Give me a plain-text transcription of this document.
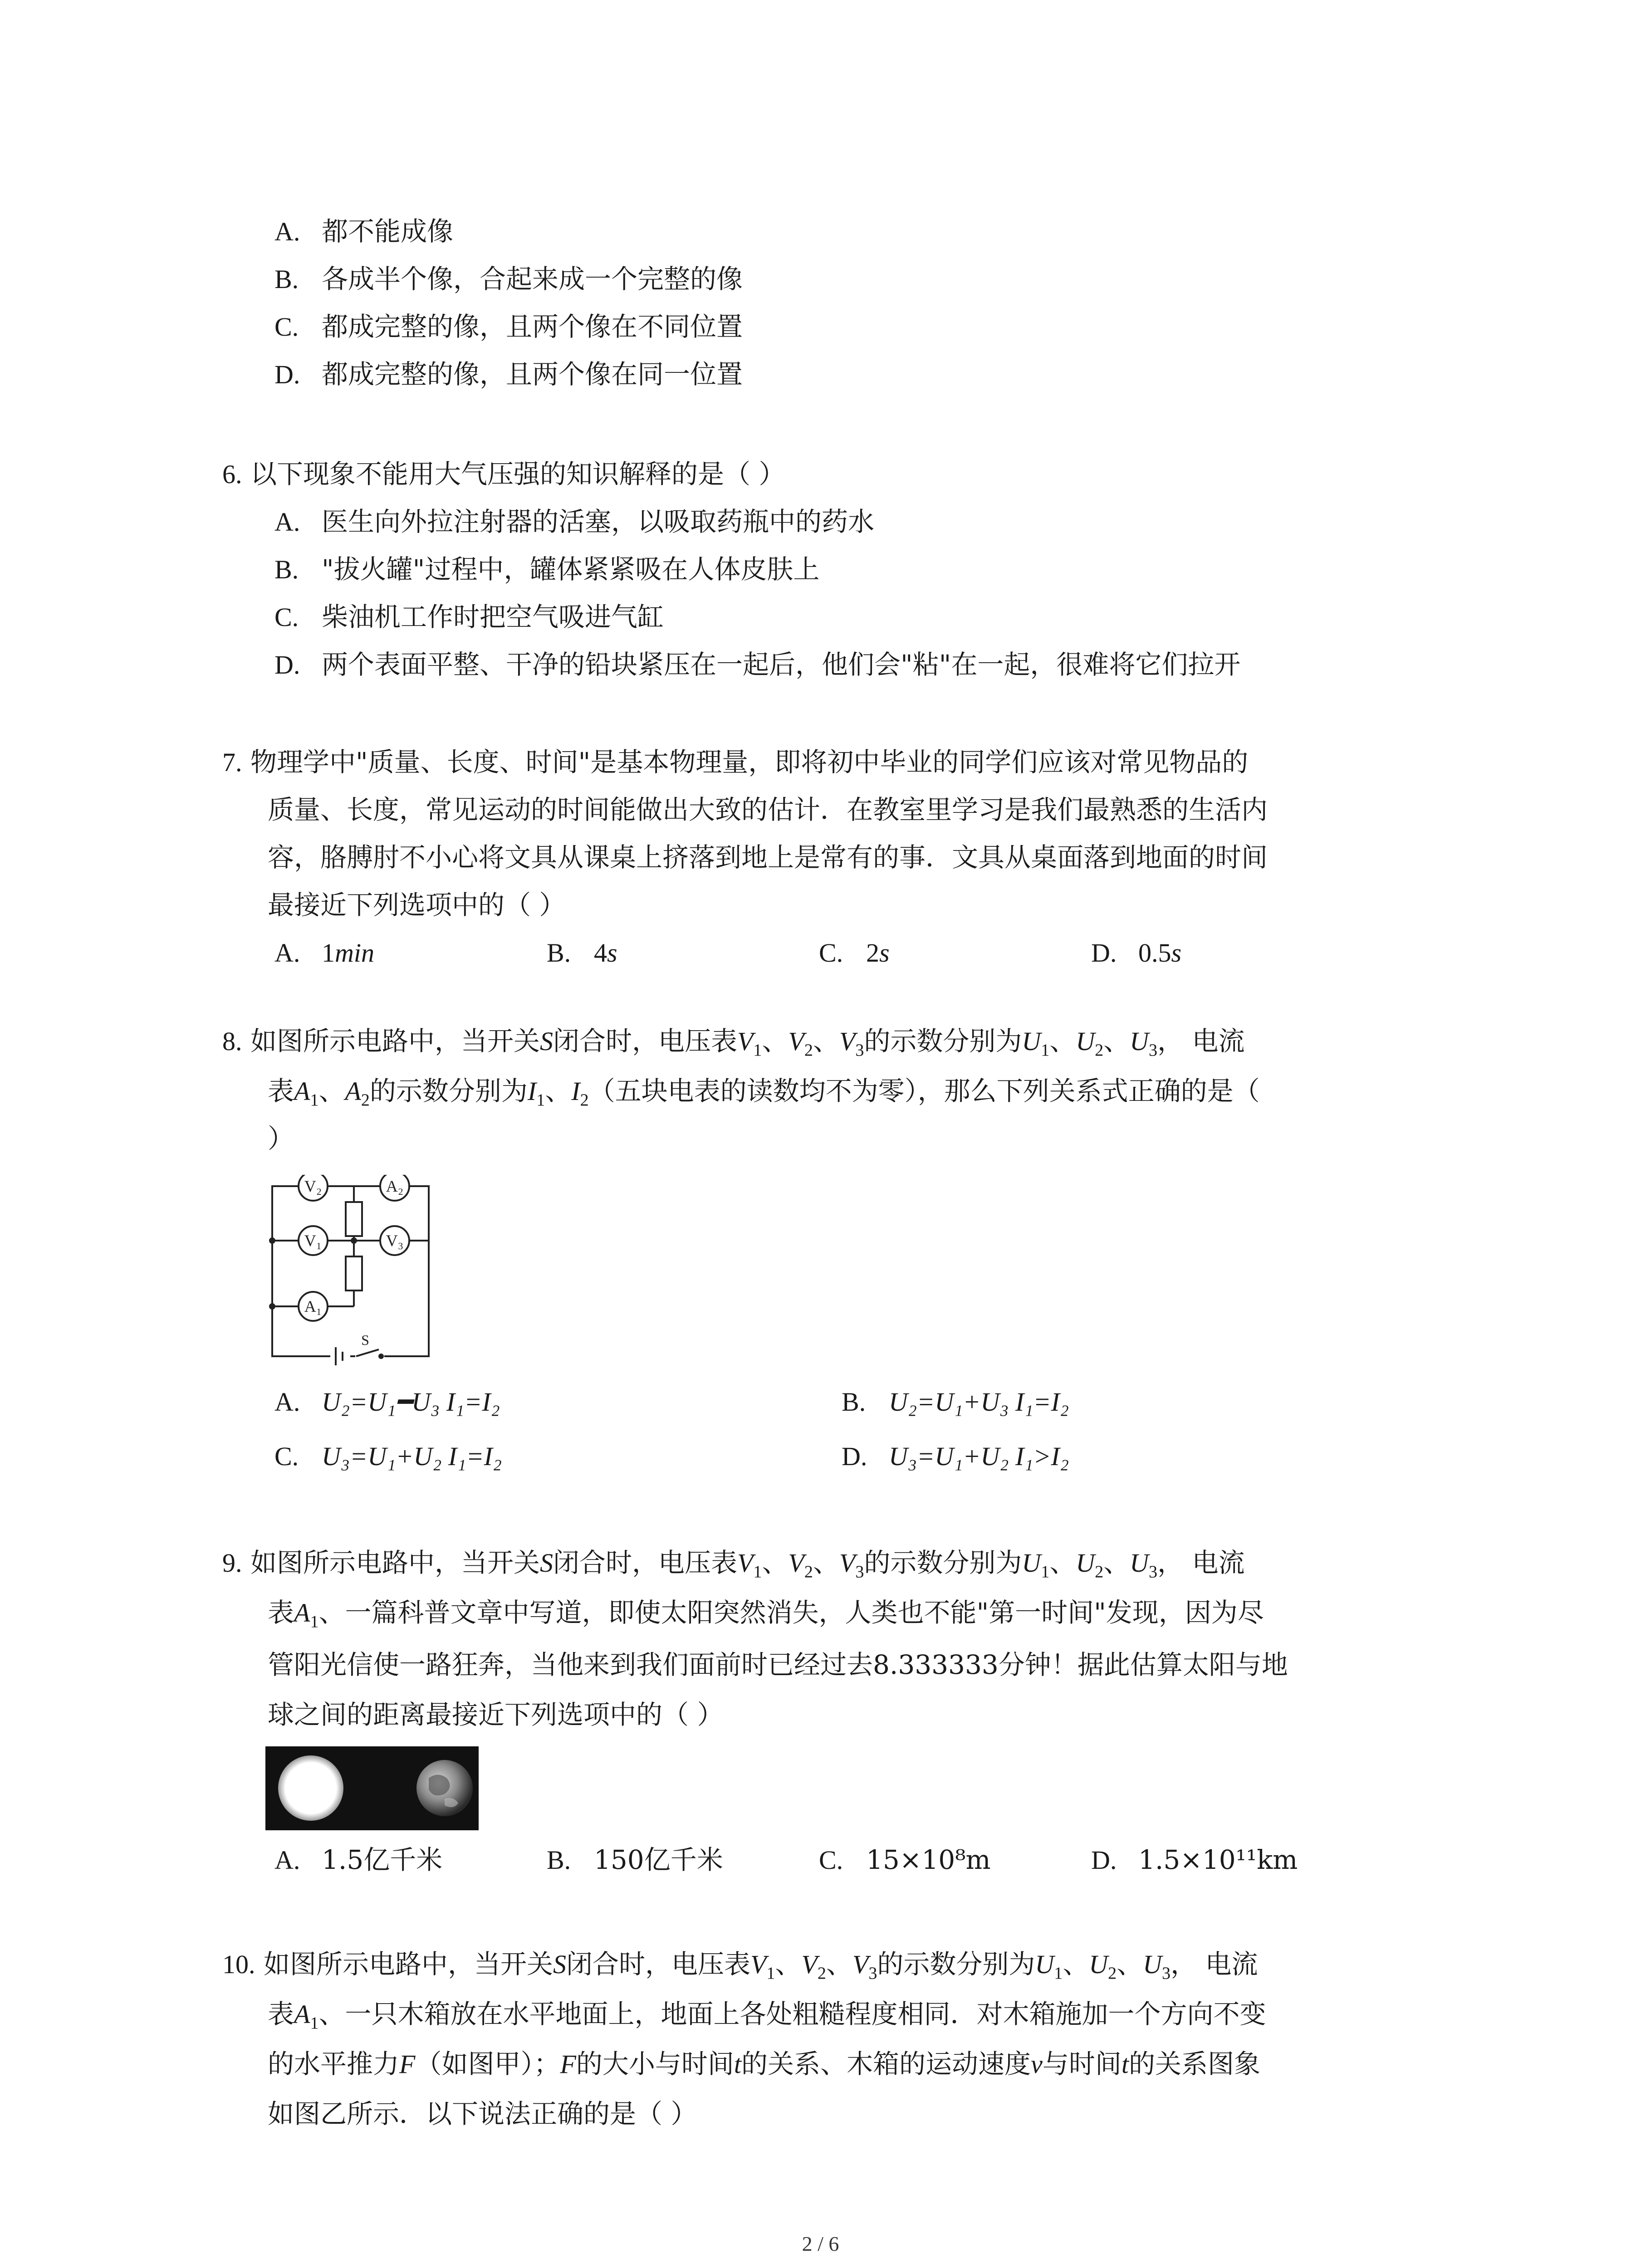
A. 都不能成像
B. 各成半个像，合起来成一个完整的像
C. 都成完整的像，且两个像在不同位置
D. 都成完整的像，且两个像在同一位置
6. 以下现象不能用大气压强的知识解释的是（ ）
A. 医生向外拉注射器的活塞，以吸取药瓶中的药水
B. "拔火罐"过程中，罐体紧紧吸在人体皮肤上
C. 柴油机工作时把空气吸进气缸
D. 两个表面平整、干净的铅块紧压在一起后，他们会"粘"在一起，很难将它们拉开
7. 物理学中"质量、长度、时间"是基本物理量，即将初中毕业的同学们应该对常见物品的
质量、长度，常见运动的时间能做出大致的估计．在教室里学习是我们最熟悉的生活内
容，胳膊肘不小心将文具从课桌上挤落到地上是常有的事．文具从桌面落到地面的时间
最接近下列选项中的（ ）
A. 1min	B. 4s	C. 2s	D. 0.5s
8. 如图所示电路中，当开关S闭合时，电压表$V_1$、$V_2$、$V_3$的示数分别为$U_1$、$U_2$、$U_3$， 电流
表$A_1$、$A_2$的示数分别为$I_1$、$I_2$（五块电表的读数均不为零），那么下列关系式正确的是（
）
V₂	A₂
V₁	V₃
A₁
S
A. U₂=U₁━U₃ I₁=I₂	B. U₂=U₁+U₃ I₁=I₂
C. U₃=U₁+U₂ I₁=I₂	D. U₃=U₁+U₂ I₁>I₂
9. 如图所示电路中，当开关S闭合时，电压表$V_1$、$V_2$、$V_3$的示数分别为$U_1$、$U_2$、$U_3$， 电流
表$A_1$、一篇科普文章中写道，即使太阳突然消失，人类也不能"第一时间"发现，因为尽
管阳光信使一路狂奔，当他来到我们面前时已经过去8.333333分钟！据此估算太阳与地
球之间的距离最接近下列选项中的（ ）
A. 1.5亿千米	B. 150亿千米	C. 15×10⁸m	D. 1.5×10¹¹km
10. 如图所示电路中，当开关S闭合时，电压表$V_1$、$V_2$、$V_3$的示数分别为$U_1$、$U_2$、$U_3$， 电流
表$A_1$、一只木箱放在水平地面上，地面上各处粗糙程度相同．对木箱施加一个方向不变
的水平推力F（如图甲）；F的大小与时间t的关系、木箱的运动速度v与时间t的关系图象
如图乙所示．以下说法正确的是（ ）
2 / 6
